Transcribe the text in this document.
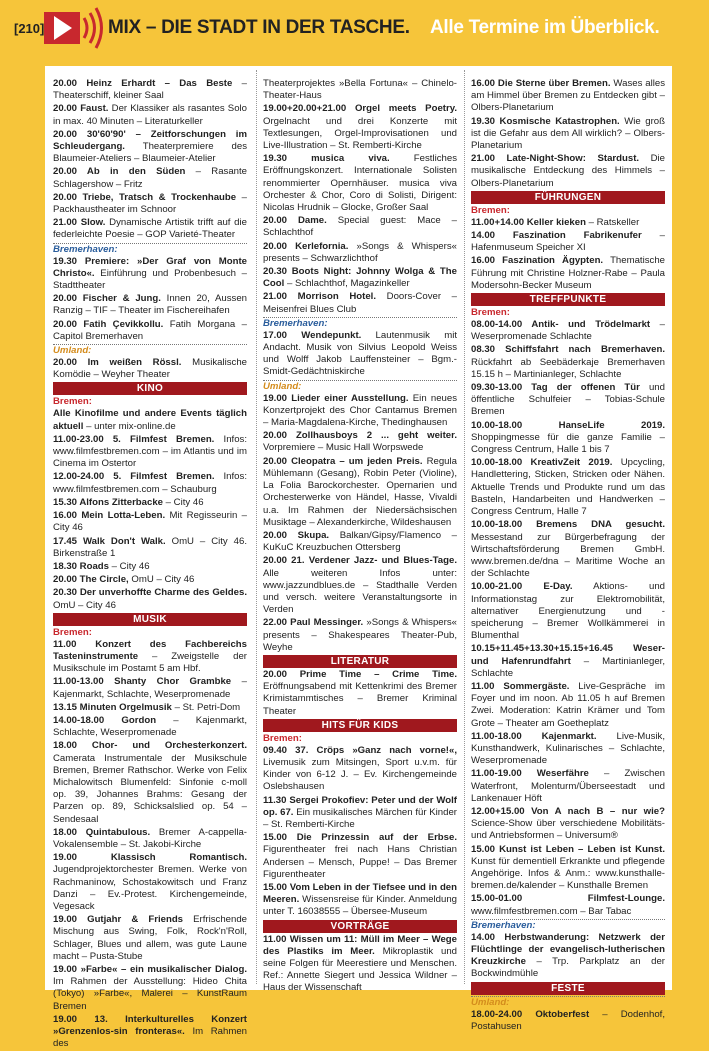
[210]	MIX – DIE STADT IN DER TASCHE. Alle Termine im Überblick.
20.00 Heinz Erhardt – Das Beste – Theaterschiff, kleiner Saal
20.00 Faust. Der Klassiker als rasantes Solo in max. 40 Minuten – Literaturkeller
20.00 30'60'90' – Zeitforschungen im Schleudergang. Theaterpremiere des Blaumeier-Ateliers – Blaumeier-Atelier
20.00 Ab in den Süden – Rasante Schlagershow – Fritz
20.00 Triebe, Tratsch & Trockenhaube – Packhaustheater im Schnoor
21.00 Slow. Dynamische Artistik trifft auf die federleichte Poesie – GOP Varieté-Theater
Bremerhaven:
19.30 Premiere: »Der Graf von Monte Christo«. Einführung und Probenbesuch – Stadttheater
20.00 Fischer & Jung. Innen 20, Aussen Ranzig – TIF – Theater im Fischereihafen
20.00 Fatih Çevikkollu. Fatih Morgana – Capitol Bremerhaven
Umland:
20.00 Im weißen Rössl. Musikalische Komödie – Weyher Theater
KINO
Bremen:
Alle Kinofilme und andere Events täglich aktuell – unter mix-online.de
11.00-23.00 5. Filmfest Bremen. Infos: www.filmfestbremen.com – im Atlantis und im Cinema im Ostertor
12.00-24.00 5. Filmfest Bremen. Infos: www.filmfestbremen.com – Schauburg
15.30 Alfons Zitterbacke – City 46
16.00 Mein Lotta-Leben. Mit Regisseurin – City 46
17.45 Walk Don't Walk. OmU – City 46. Birkenstraße 1
18.30 Roads – City 46
20.00 The Circle, OmU – City 46
20.30 Der unverhoffte Charme des Geldes. OmU – City 46
MUSIK
Bremen:
11.00 Konzert des Fachbereichs Tasteninstrumente – Zweigstelle der Musikschule im Postamt 5 am Hbf.
11.00-13.00 Shanty Chor Grambke – Kajenmarkt, Schlachte, Weserpromenade
13.15 Minuten Orgelmusik – St. Petri-Dom
14.00-18.00 Gordon – Kajenmarkt, Schlachte, Weserpromenade
18.00 Chor- und Orchesterkonzert. Camerata Instrumentale der Musikschule Bremen, Bremer Rathschor. Werke von Felix Michalowitsch Blumenfeld: Sinfonie c-moll op. 39, Johannes Brahms: Gesang der Parzen op. 89, Schicksalslied op. 54 – Sendesaal
18.00 Quintabulous. Bremer A-cappella-Vokalensemble – St. Jakobi-Kirche
19.00 Klassisch Romantisch. Jugendprojektorchester Bremen. Werke von Rachmaninow, Schostakowitsch und Franz Danzi – Ev.-Protest. Kirchengemeinde, Vegesack
19.00 Gutjahr & Friends Erfrischende Mischung aus Swing, Folk, Rock'n'Roll, Schlager, Blues und allem, was gute Laune macht – Pusta-Stube
19.00 »Farbe« – ein musikalischer Dialog. Im Rahmen der Ausstellung: Hideo Chita (Tokyo) »Farbe«, Malerei – KunstRaum Bremen
19.00 13. Interkulturelles Konzert »Grenzenlos-sin fronteras«. Im Rahmen des
Theaterprojektes »Bella Fortuna« – Chinelo-Theater-Haus
19.00+20.00+21.00 Orgel meets Poetry. Orgelnacht und drei Konzerte mit Textlesungen, Orgel-Improvisationen und Live-Illustration – St. Remberti-Kirche
19.30 musica viva. Festliches Eröffnungskonzert. Internationale Solisten renommierter Opernhäuser. musica viva Orchester & Chor, Coro di Solisti, Dirigent: Nicolas Hrudnik – Glocke, Großer Saal
20.00 Dame. Special guest: Mace – Schlachthof
20.00 Kerlefornia. »Songs & Whispers« presents – Schwarzlichthof
20.30 Boots Night: Johnny Wolga & The Cool – Schlachthof, Magazinkeller
21.00 Morrison Hotel. Doors-Cover – Meisenfrei Blues Club
Bremerhaven:
17.00 Wendepunkt. Lautenmusik mit Andacht. Musik von Silvius Leopold Weiss und Wolff Jakob Lauffensteiner – Bgm.-Smidt-Gedächtniskirche
Umland:
19.00 Lieder einer Ausstellung. Ein neues Konzertprojekt des Chor Cantamus Bremen – Maria-Magdalena-Kirche, Thedinghausen
20.00 Zollhausboys 2 ... geht weiter. Vorpremiere – Music Hall Worpswede
20.00 Cleopatra – um jeden Preis. Regula Mühlemann (Gesang), Robin Peter (Violine), La Folia Barockorchester. Opernarien und Orchesterwerke von Händel, Hasse, Vivaldi u.a. Im Rahmen der Niedersächsischen Musiktage – Alexanderkirche, Wildeshausen
20.00 Skupa. Balkan/Gipsy/Flamenco – KuKuC Kreuzbuchen Ottersberg
20.00 21. Verdener Jazz- und Blues-Tage. Alle weiteren Infos unter: www.jazzundblues.de – Stadthalle Verden und versch. weitere Veranstaltungsorte in Verden
22.00 Paul Messinger. »Songs & Whispers« presents – Shakespeares Theater-Pub, Weyhe
LITERATUR
20.00 Prime Time – Crime Time. Eröffnungsabend mit Kettenkrimi des Bremer Krimistammtisches – Bremer Kriminal Theater
HITS FÜR KIDS
Bremen:
09.40 37. Cröps »Ganz nach vorne!«, Livemusik zum Mitsingen, Sport u.v.m. für Kinder von 6-12 J. – Ev. Kirchengemeinde Oslebshausen
11.30 Sergei Prokofiev: Peter und der Wolf op. 67. Ein musikalisches Märchen für Kinder – St. Remberti-Kirche
15.00 Die Prinzessin auf der Erbse. Figurentheater frei nach Hans Christian Andersen – Mensch, Puppe! – Das Bremer Figurentheater
15.00 Vom Leben in der Tiefsee und in den Meeren. Wissensreise für Kinder. Anmeldung unter T. 16038555 – Übersee-Museum
VORTRÄGE
11.00 Wissen um 11: Müll im Meer – Wege des Plastiks im Meer. Mikroplastik und seine Folgen für Meerestiere und Menschen. Ref.: Annette Siegert und Jessica Wildner – Haus der Wissenschaft
16.00 Die Sterne über Bremen. Wases alles am Himmel über Bremen zu Entdecken gibt – Olbers-Planetarium
19.30 Kosmische Katastrophen. Wie groß ist die Gefahr aus dem All wirklich? – Olbers-Planetarium
21.00 Late-Night-Show: Stardust. Die musikalische Entdeckung des Himmels – Olbers-Planetarium
FÜHRUNGEN
Bremen:
11.00+14.00 Keller kieken – Ratskeller
14.00 Faszination Fabrikenufer – Hafenmuseum Speicher XI
16.00 Faszination Ägypten. Thematische Führung mit Christine Holzner-Rabe – Paula Modersohn-Becker Museum
TREFFPUNKTE
Bremen:
08.00-14.00 Antik- und Trödelmarkt – Weserpromenade Schlachte
08.30 Schiffsfahrt nach Bremerhaven. Rückfahrt ab Seebäderkaje Bremerhaven 15.15 h – Martinianleger, Schlachte
09.30-13.00 Tag der offenen Tür und öffentliche Schulfeier – Tobias-Schule Bremen
10.00-18.00 HanseLife 2019. Shoppingmesse für die ganze Familie – Congress Centrum, Halle 1 bis 7
10.00-18.00 KreativZeit 2019. Upcycling, Handlettering, Sticken, Stricken oder Nähen. Aktuelle Trends und Produkte rund um das Basteln, Handarbeiten und Handwerken – Congress Centrum, Halle 7
10.00-18.00 Bremens DNA gesucht. Messestand zur Bürgerbefragung der Wirtschaftsförderung Bremen GmbH. www.bremen.de/dna – Maritime Woche an der Schlachte
10.00-21.00 E-Day. Aktions- und Informationstag zur Elektromobilität, alternativer Energienutzung und -speicherung – Bremer Wollkämmerei in Blumenthal
10.15+11.45+13.30+15.15+16.45 Weser- und Hafenrundfahrt – Martinianleger, Schlachte
11.00 Sommergäste. Live-Gespräche im Foyer und im noon. Ab 11.05 h auf Bremen Zwei. Moderation: Katrin Krämer und Tom Grote – Theater am Goetheplatz
11.00-18.00 Kajenmarkt. Live-Musik, Kunsthandwerk, Kulinarisches – Schlachte, Weserpromenade
11.00-19.00 Weserfähre – Zwischen Waterfront, Molenturm/Überseestadt und Lankenauer Höft
12.00+15.00 Von A nach B – nur wie? Science-Show über verschiedene Mobilitäts- und Antriebsformen – Universum®
15.00 Kunst ist Leben – Leben ist Kunst. Kunst für dementiell Erkrankte und pflegende Angehörige. Infos & Anm.: www.kunsthalle-bremen.de/kalender – Kunsthalle Bremen
15.00-01.00 Filmfest-Lounge. www.filmfestbremen.com – Bar Tabac
Bremerhaven:
14.00 Herbstwanderung: Netzwerk der Flüchtlinge der evangelisch-lutherischen Kreuzkirche – Trp. Parkplatz an der Bockwindmühle
FESTE
Umland:
18.00-24.00 Oktoberfest – Dodenhof, Postahusen
